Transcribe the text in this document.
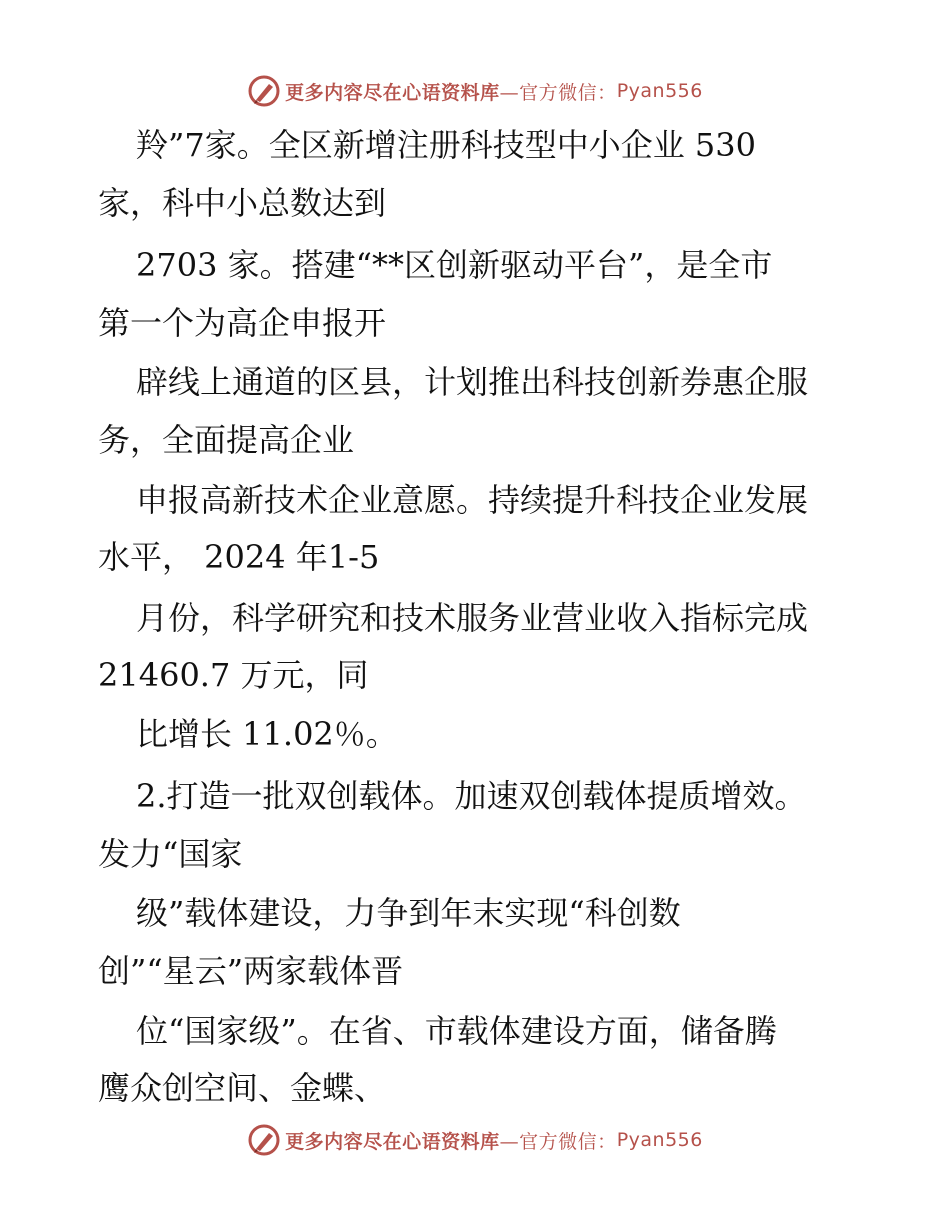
更多内容尽在心语资料库 —官方微信： Pyan556
羚”7家。全区新增注册科技型中小企业 530
家，科中小总数达到
2703 家。搭建“**区创新驱动平台”，是全市
第一个为高企申报开
辟线上通道的区县，计划推出科技创新券惠企服
务，全面提高企业
申报高新技术企业意愿。持续提升科技企业发展
水平， 2024 年1-5
月份，科学研究和技术服务业营业收入指标完成
21460.7 万元，同
比增长 11.02％。
2.打造一批双创载体。加速双创载体提质增效。
发力“国家
级”载体建设，力争到年末实现“科创数
创”“星云”两家载体晋
位“国家级”。在省、市载体建设方面，储备腾
鹰众创空间、金蝶、
更多内容尽在心语资料库 —官方微信： Pyan556
